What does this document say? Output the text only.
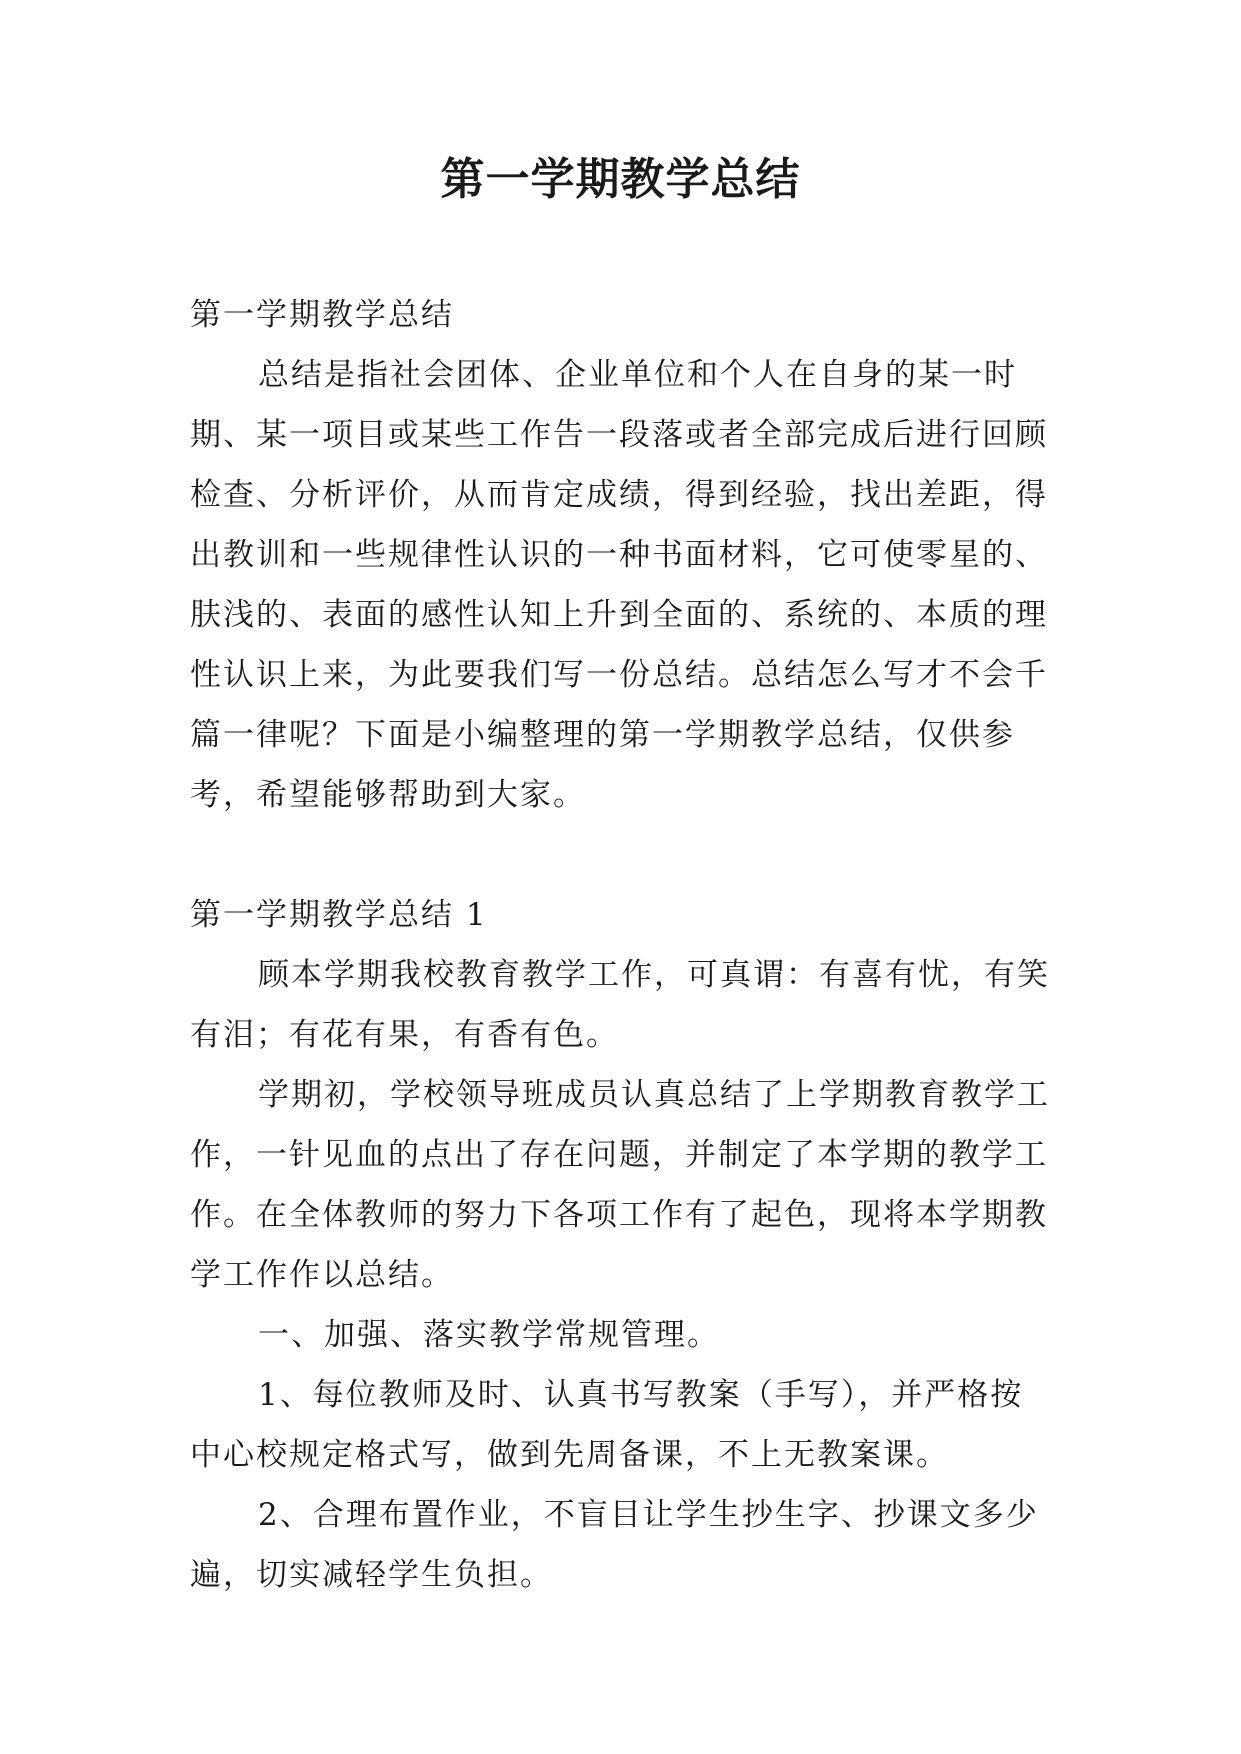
第一学期教学总结

第一学期教学总结

总结是指社会团体、企业单位和个人在自身的某一时期、某一项目或某些工作告一段落或者全部完成后进行回顾检查、分析评价，从而肯定成绩，得到经验，找出差距，得出教训和一些规律性认识的一种书面材料，它可使零星的、肤浅的、表面的感性认知上升到全面的、系统的、本质的理性认识上来，为此要我们写一份总结。总结怎么写才不会千篇一律呢？下面是小编整理的第一学期教学总结，仅供参考，希望能够帮助到大家。

第一学期教学总结 1

顾本学期我校教育教学工作，可真谓：有喜有忧，有笑有泪；有花有果，有香有色。

学期初，学校领导班成员认真总结了上学期教育教学工作，一针见血的点出了存在问题，并制定了本学期的教学工作。在全体教师的努力下各项工作有了起色，现将本学期教学工作作以总结。

一、加强、落实教学常规管理。

1、每位教师及时、认真书写教案（手写），并严格按中心校规定格式写，做到先周备课，不上无教案课。

2、合理布置作业，不盲目让学生抄生字、抄课文多少遍，切实减轻学生负担。
